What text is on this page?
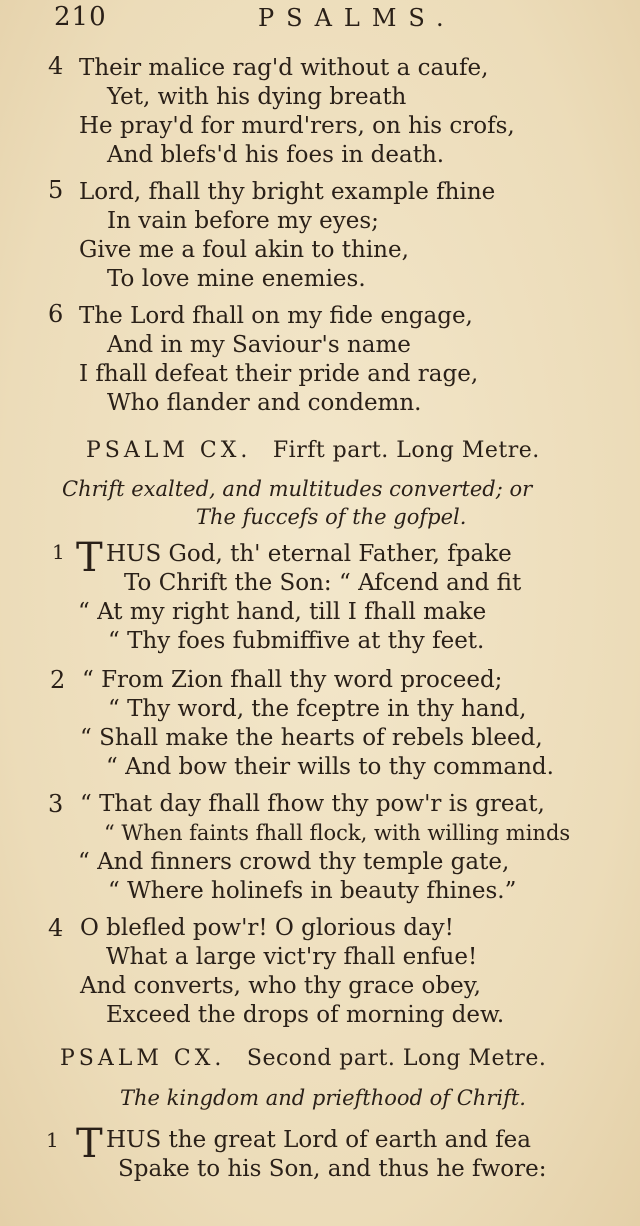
210	PSALMS.
4 Their malice rag'd without a caufe,
Yet, with his dying breath
He pray'd for murd'rers, on his crofs,
And blefs'd his foes in death.
5 Lord, fhall thy bright example fhine
In vain before my eyes;
Give me a foul akin to thine,
To love mine enemies.
6 The Lord fhall on my fide engage,
And in my Saviour's name
I fhall defeat their pride and rage,
Who flander and condemn.
PSALM CX. Firft part. Long Metre.
Chrift exalted, and multitudes converted; or
The fuccefs of the gofpel.
1 T HUS God, th' eternal Father, fpake
To Chrift the Son: “ Afcend and fit
“ At my right hand, till I fhall make
“ Thy foes fubmiffive at thy feet.
2 “ From Zion fhall thy word proceed;
“ Thy word, the fceptre in thy hand,
“ Shall make the hearts of rebels bleed,
“ And bow their wills to thy command.
3 “ That day fhall fhow thy pow'r is great,
“ When faints fhall flock, with willing minds
“ And finners crowd thy temple gate,
“ Where holinefs in beauty fhines.”
4 O blefled pow'r! O glorious day!
What a large vict'ry fhall enfue!
And converts, who thy grace obey,
Exceed the drops of morning dew.
PSALM CX. Second part. Long Metre.
The kingdom and priefthood of Chrift.
1 T HUS the great Lord of earth and fea
Spake to his Son, and thus he fwore:
